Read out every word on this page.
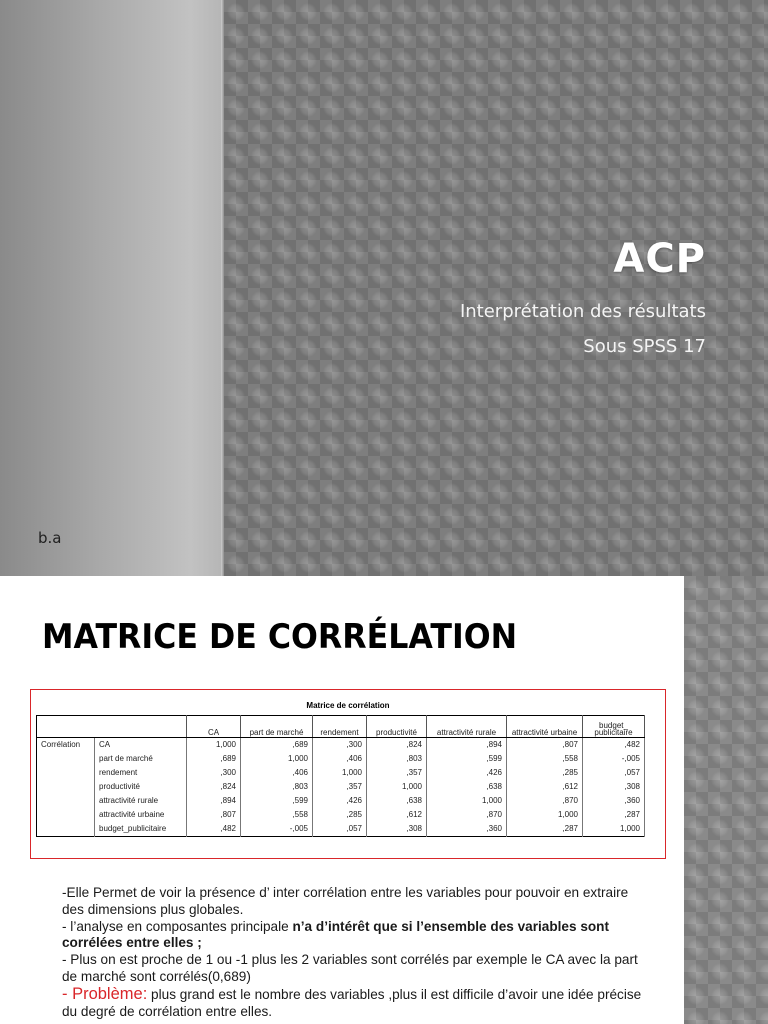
ACP
Interprétation des résultats
Sous SPSS 17
b.a
MATRICE DE CORRÉLATION
Matrice de corrélation
		CA	part de marché	rendement	productivité	attractivité rurale	attractivité urbaine	budget_ publicitaire
Corrélation	CA	1,000	,689	,300	,824	,894	,807	,482
	part de marché	,689	1,000	,406	,803	,599	,558	-,005
	rendement	,300	,406	1,000	,357	,426	,285	,057
	productivité	,824	,803	,357	1,000	,638	,612	,308
	attractivité rurale	,894	,599	,426	,638	1,000	,870	,360
	attractivité urbaine	,807	,558	,285	,612	,870	1,000	,287
	budget_publicitaire	,482	-,005	,057	,308	,360	,287	1,000

-Elle Permet de voir la présence d’ inter corrélation entre les variables pour pouvoir en extraire des dimensions plus globales.

- l’analyse en composantes principale n’a d’intérêt que si l’ensemble des variables sont corrélées entre elles ;

- Plus on est proche de 1 ou -1 plus les 2 variables sont corrélés par exemple le CA avec la part de marché sont corrélés(0,689)

- Problème: plus grand est le nombre des variables ,plus il est difficile d’avoir une idée précise du degré de corrélation entre elles.
